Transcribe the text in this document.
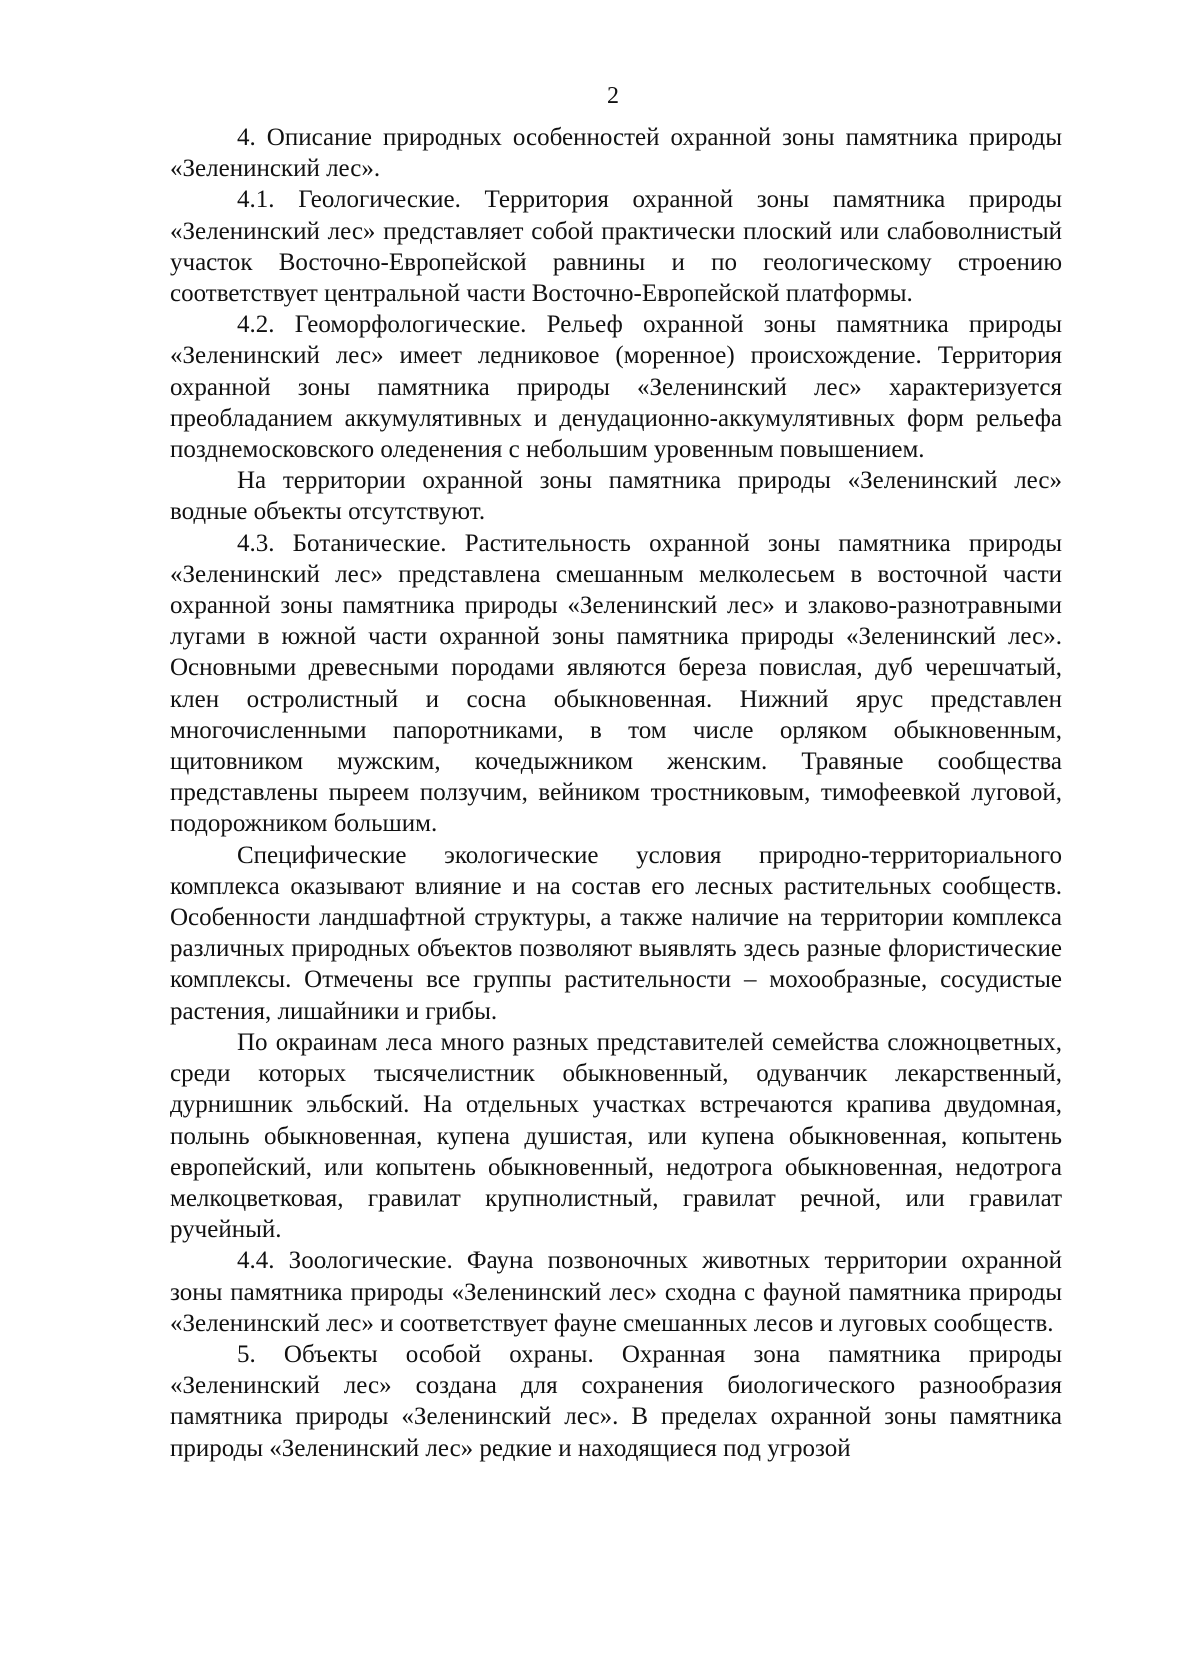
2

4. Описание природных особенностей охранной зоны памятника природы «Зеленинский лес».

4.1. Геологические. Территория охранной зоны памятника природы «Зеленинский лес» представляет собой практически плоский или слабоволнистый участок Восточно-Европейской равнины и по геологическому строению соответствует центральной части Восточно-Европейской платформы.

4.2. Геоморфологические. Рельеф охранной зоны памятника природы «Зеленинский лес» имеет ледниковое (моренное) происхождение. Территория охранной зоны памятника природы «Зеленинский лес» характеризуется преобладанием аккумулятивных и денудационно-аккумулятивных форм рельефа позднемосковского оледенения с небольшим уровенным повышением.

На территории охранной зоны памятника природы «Зеленинский лес» водные объекты отсутствуют.

4.3. Ботанические. Растительность охранной зоны памятника природы «Зеленинский лес» представлена смешанным мелколесьем в восточной части охранной зоны памятника природы «Зеленинский лес» и злаково-разнотравными лугами в южной части охранной зоны памятника природы «Зеленинский лес». Основными древесными породами являются береза повислая, дуб черешчатый, клен остролистный и сосна обыкновенная. Нижний ярус представлен многочисленными папоротниками, в том числе орляком обыкновенным, щитовником мужским, кочедыжником женским. Травяные сообщества представлены пыреем ползучим, вейником тростниковым, тимофеевкой луговой, подорожником большим.

Специфические экологические условия природно-территориального комплекса оказывают влияние и на состав его лесных растительных сообществ. Особенности ландшафтной структуры, а также наличие на территории комплекса различных природных объектов позволяют выявлять здесь разные флористические комплексы. Отмечены все группы растительности – мохообразные, сосудистые растения, лишайники и грибы.

По окраинам леса много разных представителей семейства сложноцветных, среди которых тысячелистник обыкновенный, одуванчик лекарственный, дурнишник эльбский. На отдельных участках встречаются крапива двудомная, полынь обыкновенная, купена душистая, или купена обыкновенная, копытень европейский, или копытень обыкновенный, недотрога обыкновенная, недотрога мелкоцветковая, гравилат крупнолистный, гравилат речной, или гравилат ручейный.

4.4. Зоологические. Фауна позвоночных животных территории охранной зоны памятника природы «Зеленинский лес» сходна с фауной памятника природы «Зеленинский лес» и соответствует фауне смешанных лесов и луговых сообществ.

5. Объекты особой охраны. Охранная зона памятника природы «Зеленинский лес» создана для сохранения биологического разнообразия памятника природы «Зеленинский лес». В пределах охранной зоны памятника природы «Зеленинский лес» редкие и находящиеся под угрозой
